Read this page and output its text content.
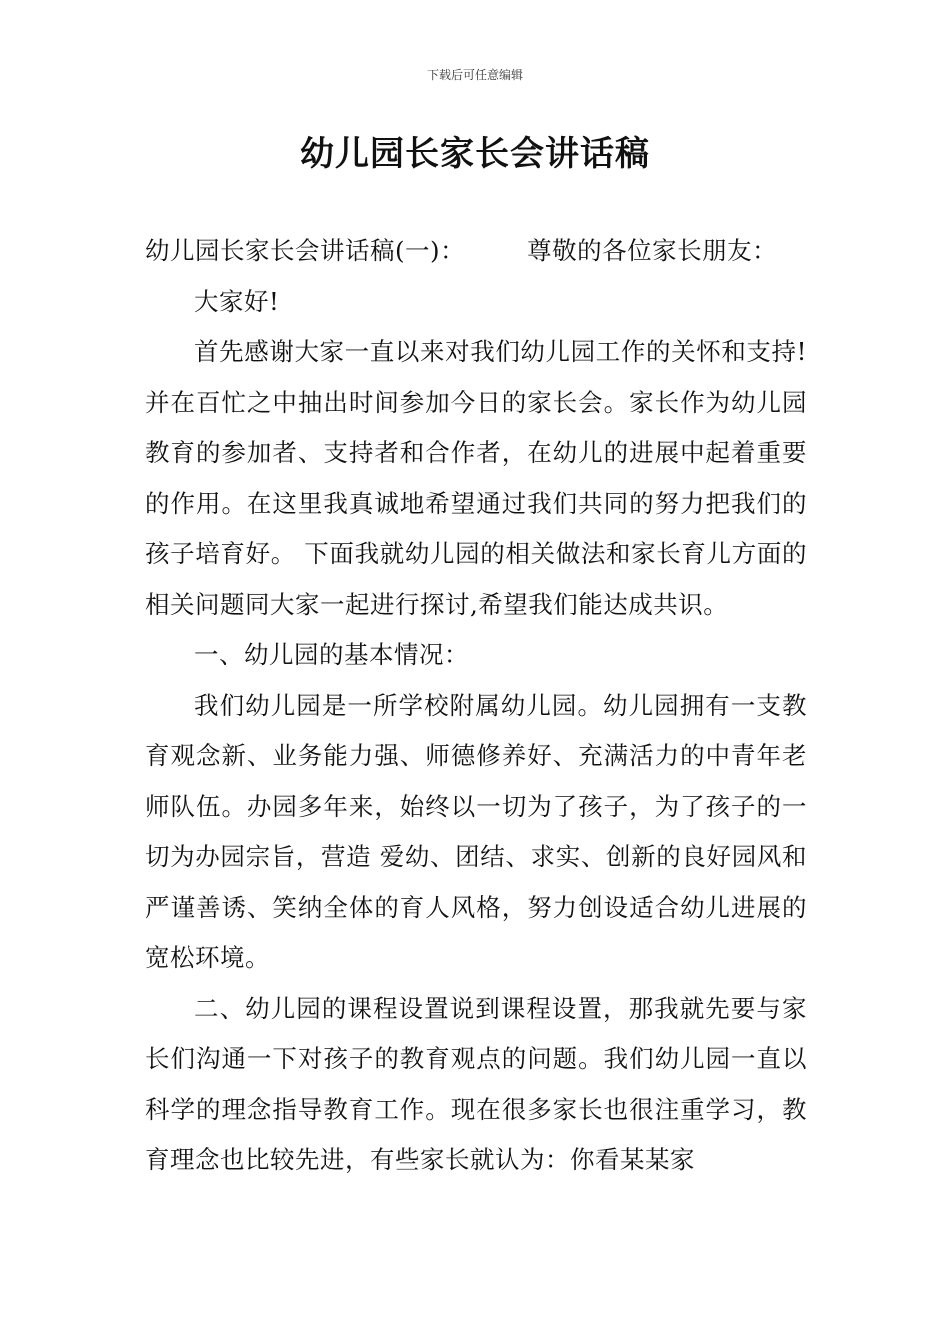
下载后可任意编辑
幼儿园长家长会讲话稿

幼儿园长家长会讲话稿(一)：	尊敬的各位家长朋友：

大家好!

首先感谢大家一直以来对我们幼儿园工作的关怀和支持!并在百忙之中抽出时间参加今日的家长会。家长作为幼儿园教育的参加者、支持者和合作者，在幼儿的进展中起着重要的作用。在这里我真诚地希望通过我们共同的努力把我们的孩子培育好。 下面我就幼儿园的相关做法和家长育儿方面的相关问题同大家一起进行探讨,希望我们能达成共识。

一、幼儿园的基本情况：

我们幼儿园是一所学校附属幼儿园。幼儿园拥有一支教育观念新、业务能力强、师德修养好、充满活力的中青年老师队伍。办园多年来，始终以一切为了孩子，为了孩子的一切为办园宗旨，营造 爱幼、团结、求实、创新的良好园风和严谨善诱、笑纳全体的育人风格，努力创设适合幼儿进展的宽松环境。

二、幼儿园的课程设置说到课程设置，那我就先要与家长们沟通一下对孩子的教育观点的问题。我们幼儿园一直以科学的理念指导教育工作。现在很多家长也很注重学习，教育理念也比较先进，有些家长就认为：你看某某家
